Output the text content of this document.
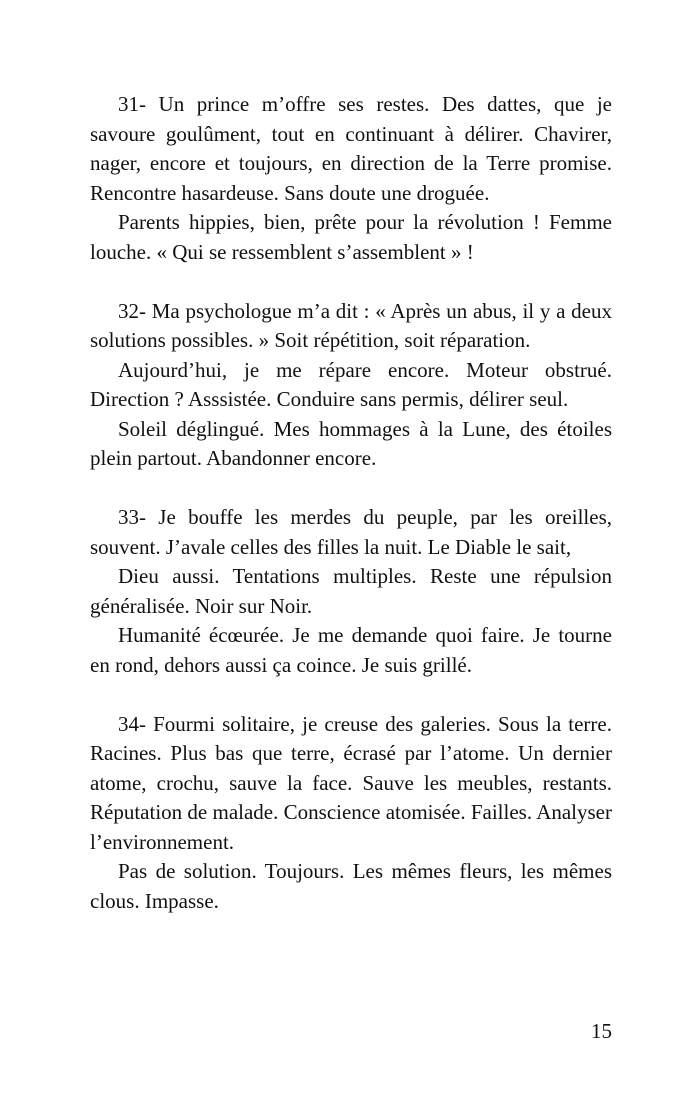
31- Un prince m’offre ses restes. Des dattes, que je savoure goulûment, tout en continuant à délirer. Chavirer, nager, encore et toujours, en direction de la Terre promise. Rencontre hasardeuse. Sans doute une droguée.

Parents hippies, bien, prête pour la révolution ! Femme louche. « Qui se ressemblent s’assemblent » !

32- Ma psychologue m’a dit : « Après un abus, il y a deux solutions possibles. » Soit répétition, soit réparation.

Aujourd’hui, je me répare encore. Moteur obstrué. Direction ? Asssistée. Conduire sans permis, délirer seul.

Soleil déglingué. Mes hommages à la Lune, des étoiles plein partout. Abandonner encore.

33- Je bouffe les merdes du peuple, par les oreilles, souvent. J’avale celles des filles la nuit. Le Diable le sait,

Dieu aussi. Tentations multiples. Reste une répulsion généralisée. Noir sur Noir.

Humanité écœurée. Je me demande quoi faire. Je tourne en rond, dehors aussi ça coince. Je suis grillé.

34- Fourmi solitaire, je creuse des galeries. Sous la terre. Racines. Plus bas que terre, écrasé par l’atome. Un dernier atome, crochu, sauve la face. Sauve les meubles, restants. Réputation de malade. Conscience atomisée. Failles. Analyser l’environnement.

Pas de solution. Toujours. Les mêmes fleurs, les mêmes clous. Impasse.

15
